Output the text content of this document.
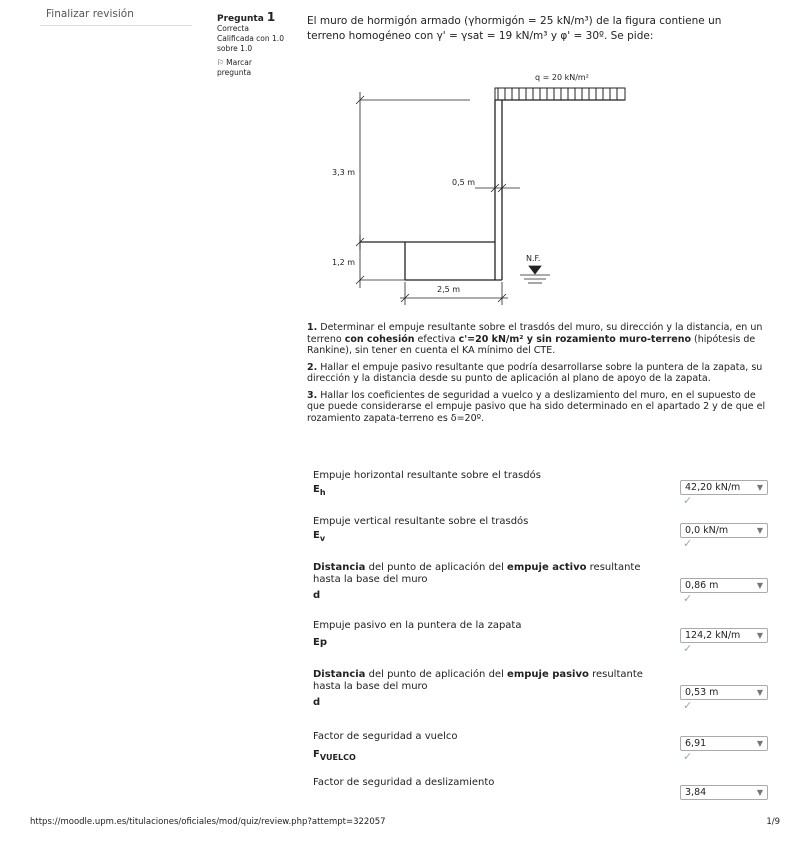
Finalizar revisión	Pregunta 1
Correcta
Calificada con 1.0 sobre 1.0
⚐ Marcar pregunta
El muro de hormigón armado (γhormigón = 25 kN/m³) de la figura contiene un
terreno homogéneo con γ' = γsat = 19 kN/m³ y φ' = 30º. Se pide:
q = 20 kN/m²
3,3 m
1,2 m
0,5 m
2,5 m
N.F.

1. Determinar el empuje resultante sobre el trasdós del muro, su dirección y la distancia, en un terreno con cohesión efectiva c'=20 kN/m² y sin rozamiento muro-terreno (hipótesis de Rankine), sin tener en cuenta el KA mínimo del CTE.

2. Hallar el empuje pasivo resultante que podría desarrollarse sobre la puntera de la zapata, su dirección y la distancia desde su punto de aplicación al plano de apoyo de la zapata.

3. Hallar los coeficientes de seguridad a vuelco y a deslizamiento del muro, en el supuesto de que puede considerarse el empuje pasivo que ha sido determinado en el apartado 2 y de que el rozamiento zapata-terreno es δ=20º.

Empuje horizontal resultante sobre el trasdós
$E_h$	42,20 kN/m ▼
✓
Empuje vertical resultante sobre el trasdós
$E_v$
0,0 kN/m	▼
✓
Distancia del punto de aplicación del empuje activo resultante hasta la base del muro
d
0,86 m	▼
✓
Empuje pasivo en la puntera de la zapata
Ep
124,2 kN/m ▼
✓
Distancia del punto de aplicación del empuje pasivo resultante hasta la base del muro
d
0,53 m	▼
✓
Factor de seguridad a vuelco
$F_{VUELCO}$
6,91	▼
✓
Factor de seguridad a deslizamiento
3,84	▼
https://moodle.upm.es/titulaciones/oficiales/mod/quiz/review.php?attempt=322057	1/9
